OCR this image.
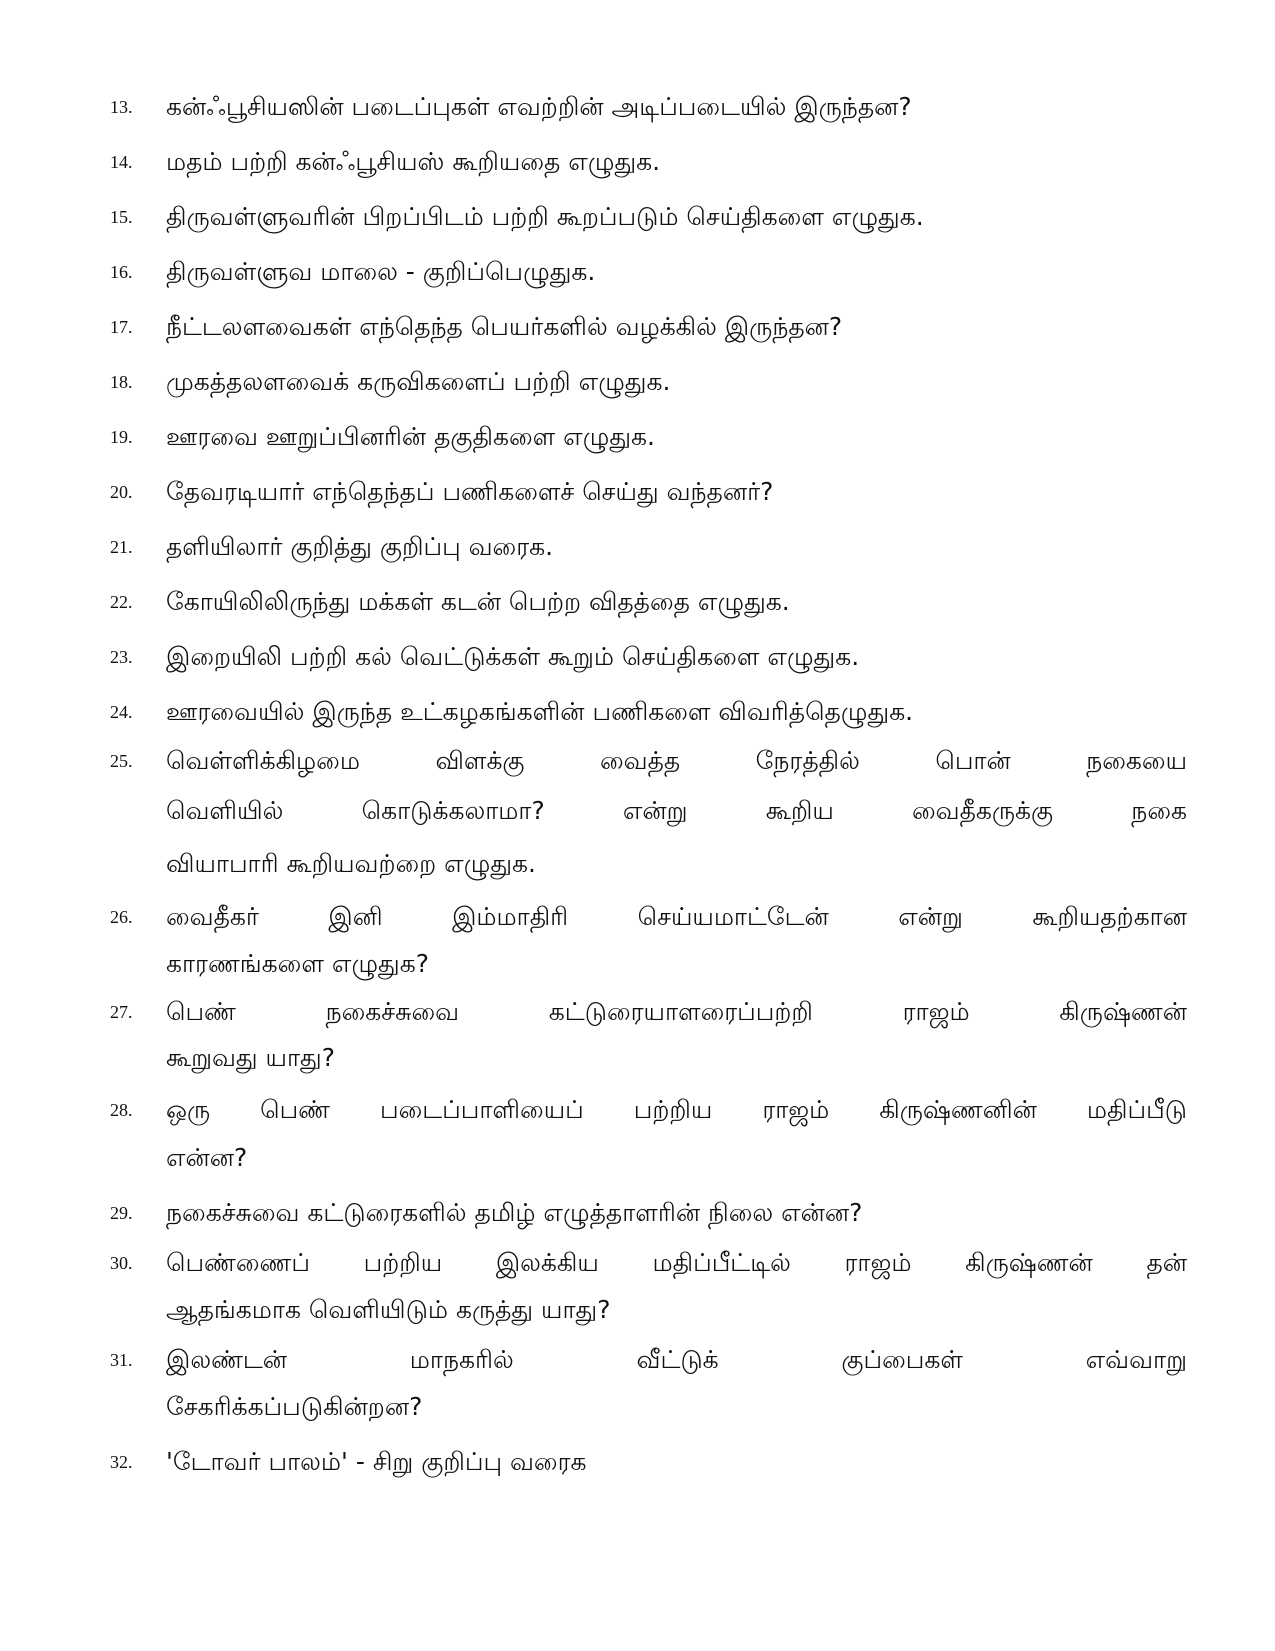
13.	கன்ஃபூசியஸின் படைப்புகள் எவற்றின் அடிப்படையில் இருந்தன?
14.	மதம் பற்றி கன்ஃபூசியஸ் கூறியதை எழுதுக.
15.	திருவள்ளுவரின் பிறப்பிடம் பற்றி கூறப்படும் செய்திகளை எழுதுக.
16.	திருவள்ளுவ மாலை - குறிப்பெழுதுக.
17.	நீட்டலளவைகள் எந்தெந்த பெயர்களில் வழக்கில் இருந்தன?
18.	முகத்தலளவைக் கருவிகளைப் பற்றி எழுதுக.
19.	ஊரவை ஊறுப்பினரின் தகுதிகளை எழுதுக.
20.	தேவரடியார் எந்தெந்தப் பணிகளைச் செய்து வந்தனர்?
21.	தளியிலார் குறித்து குறிப்பு வரைக.
22.	கோயிலிலிருந்து மக்கள் கடன் பெற்ற விதத்தை எழுதுக.
23.	இறையிலி பற்றி கல் வெட்டுக்கள் கூறும் செய்திகளை எழுதுக.
24.	ஊரவையில் இருந்த உட்கழகங்களின் பணிகளை விவரித்தெழுதுக.
25.	வெள்ளிக்கிழமை விளக்கு வைத்த நேரத்தில் பொன் நகையை
வெளியில் கொடுக்கலாமா? என்று கூறிய வைதீகருக்கு நகை
வியாபாரி கூறியவற்றை எழுதுக.
26.	வைதீகர் இனி இம்மாதிரி செய்யமாட்டேன் என்று கூறியதற்கான
காரணங்களை எழுதுக?
27.	பெண் நகைச்சுவை கட்டுரையாளரைப்பற்றி ராஜம் கிருஷ்ணன்
கூறுவது யாது?
28.	ஒரு பெண் படைப்பாளியைப் பற்றிய ராஜம் கிருஷ்ணனின் மதிப்பீடு
என்ன?
29.	நகைச்சுவை கட்டுரைகளில் தமிழ் எழுத்தாளரின் நிலை என்ன?
30.	பெண்ணைப் பற்றிய இலக்கிய மதிப்பீட்டில் ராஜம் கிருஷ்ணன் தன்
ஆதங்கமாக வெளியிடும் கருத்து யாது?
31.	இலண்டன் மாநகரில் வீட்டுக் குப்பைகள் எவ்வாறு
சேகரிக்கப்படுகின்றன?
32.	'டோவர் பாலம்' - சிறு குறிப்பு வரைக
